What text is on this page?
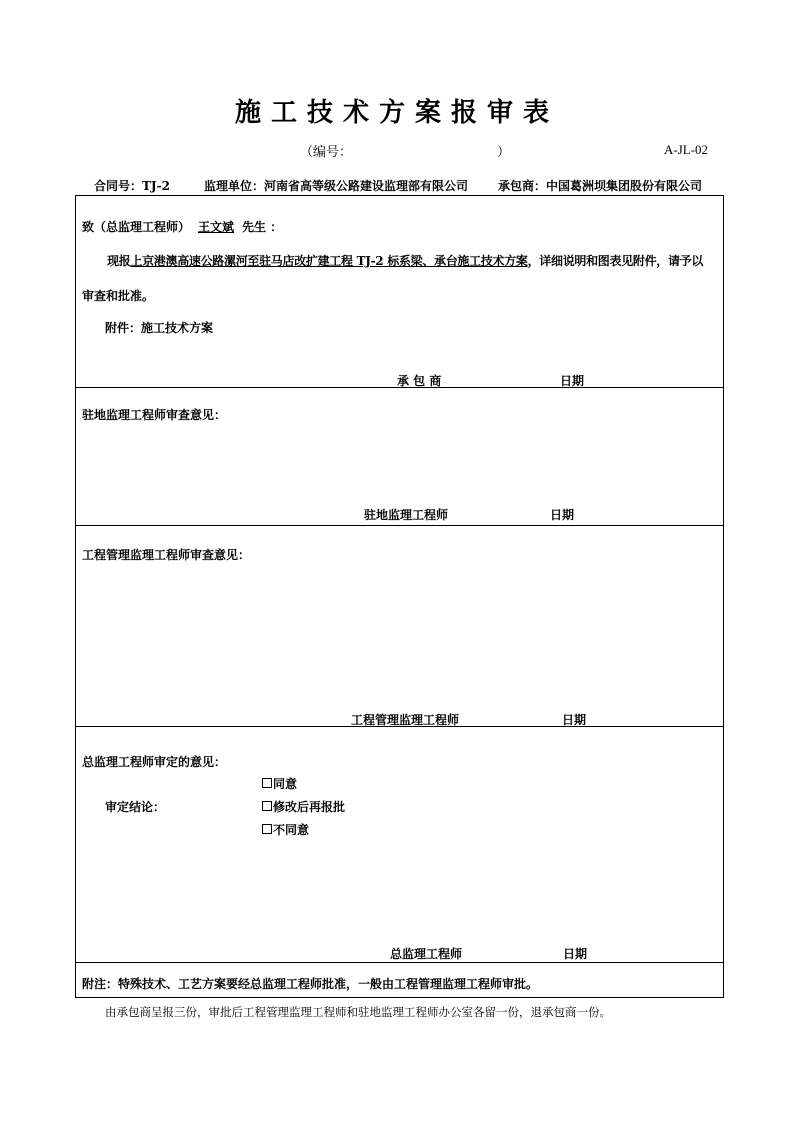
施工技术方案报审表
（编号：	）	A-JL-02
合同号：TJ-2	监理单位：河南省高等级公路建设监理部有限公司 承包商：中国葛洲坝集团股份有限公司
致（总监理工程师） 王文斌 先生 ：
现报上京港澳高速公路漯河至驻马店改扩建工程 TJ-2 标系梁、承台施工技术方案，详细说明和图表见附件，请予以
审查和批准。
附件：施工技术方案
承 包 商	日期
驻地监理工程师审查意见：
驻地监理工程师	日期
工程管理监理工程师审查意见：
工程管理监理工程师	日期
总监理工程师审定的意见：
审定结论：
同意
修改后再报批
不同意
总监理工程师	日期
附注：特殊技术、工艺方案要经总监理工程师批准，一般由工程管理监理工程师审批。
由承包商呈报三份，审批后工程管理监理工程师和驻地监理工程师办公室各留一份，退承包商一份。
